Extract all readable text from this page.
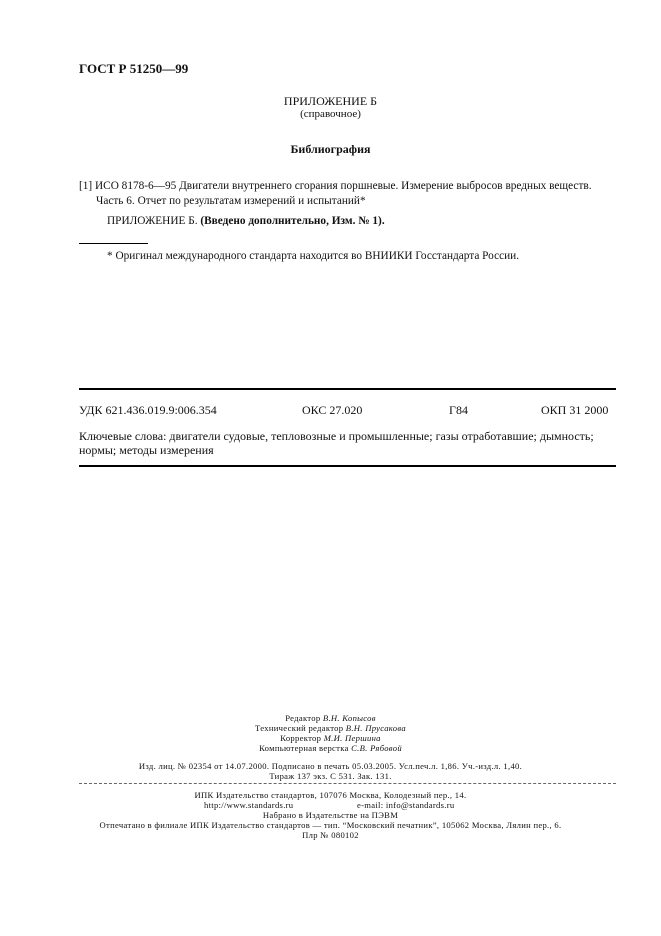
ГОСТ Р 51250—99
ПРИЛОЖЕНИЕ Б
(справочное)
Библиография
[1] ИСО 8178-6—95 Двигатели внутреннего сгорания поршневые. Измерение выбросов вредных веществ.
Часть 6. Отчет по результатам измерений и испытаний*
ПРИЛОЖЕНИЕ Б. (Введено дополнительно, Изм. № 1).
* Оригинал международного стандарта находится во ВНИИКИ Госстандарта России.
УДК 621.436.019.9:006.354	ОКС 27.020	Г84	ОКП 31 2000
Ключевые слова: двигатели судовые, тепловозные и промышленные; газы отработавшие; дымность;
нормы; методы измерения
Редактор В.Н. Копысов
Технический редактор В.Н. Прусакова
Корректор М.И. Першина
Компьютерная верстка С.В. Рябовой
Изд. лиц. № 02354 от 14.07.2000. Подписано в печать 05.03.2005. Усл.печ.л. 1,86. Уч.-изд.л. 1,40.
Тираж 137 экз. С 531. Зак. 131.
ИПК Издательство стандартов, 107076 Москва, Колодезный пер., 14.
http://www.standards.ru	e-mail: info@standards.ru
Набрано в Издательстве на ПЭВМ
Отпечатано в филиале ИПК Издательство стандартов — тип. “Московский печатник”, 105062 Москва, Лялин пер., 6.
Плр № 080102
